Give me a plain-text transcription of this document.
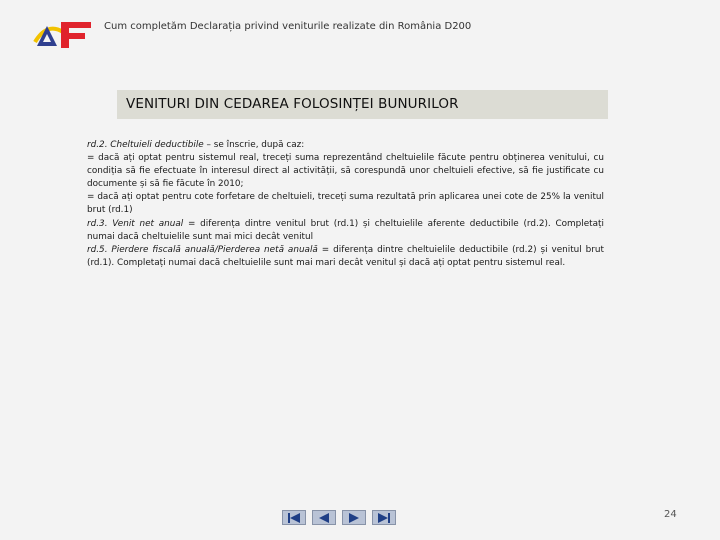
Cum completăm Declarația privind veniturile realizate din România D200
VENITURI DIN CEDAREA FOLOSINȚEI BUNURILOR

rd.2. Cheltuieli deductibile – se înscrie, după caz:

= dacă ați optat pentru sistemul real, treceți suma reprezentând cheltuielile făcute pentru obținerea venitului, cu condiția să fie efectuate în interesul direct al activității, să corespundă unor cheltuieli efective, să fie justificate cu documente și să fie făcute în 2010;

= dacă ați optat pentru cote forfetare de cheltuieli, treceți suma rezultată prin aplicarea unei cote de 25% la venitul brut (rd.1)

rd.3. Venit net anual = diferența dintre venitul brut (rd.1) și cheltuielile aferente deductibile (rd.2). Completați numai dacă cheltuielile sunt mai mici decât venitul

rd.5. Pierdere fiscală anuală/Pierderea netă anuală = diferența dintre cheltuielile deductibile (rd.2) și venitul brut (rd.1). Completați numai dacă cheltuielile sunt mai mari decât venitul și dacă ați optat pentru sistemul real.

24
